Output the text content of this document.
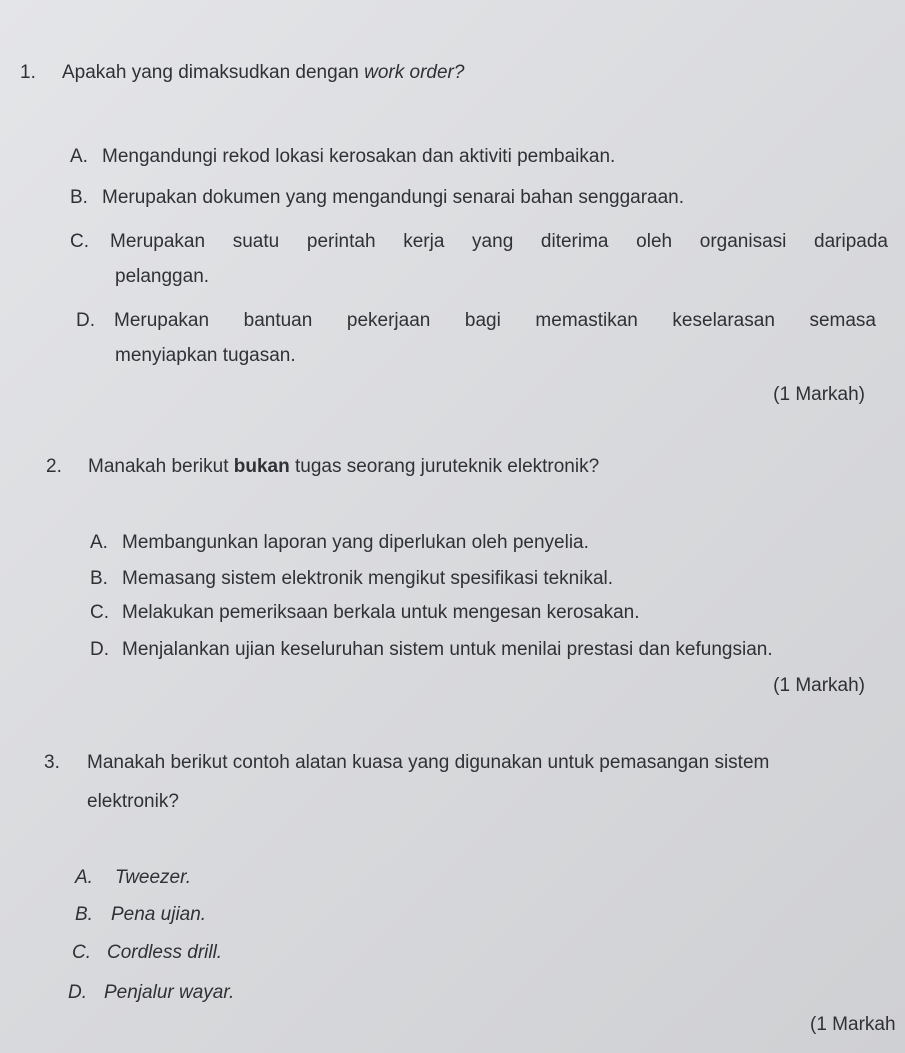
1. Apakah yang dimaksudkan dengan work order?
A. Mengandungi rekod lokasi kerosakan dan aktiviti pembaikan.
B. Merupakan dokumen yang mengandungi senarai bahan senggaraan.
C. Merupakan suatu perintah kerja yang diterima oleh organisasi daripada
pelanggan.
D. Merupakan bantuan pekerjaan bagi memastikan keselarasan semasa
menyiapkan tugasan.
(1 Markah)
2. Manakah berikut bukan tugas seorang juruteknik elektronik?
A. Membangunkan laporan yang diperlukan oleh penyelia.
B. Memasang sistem elektronik mengikut spesifikasi teknikal.
C. Melakukan pemeriksaan berkala untuk mengesan kerosakan.
D. Menjalankan ujian keseluruhan sistem untuk menilai prestasi dan kefungsian.
(1 Markah)
3. Manakah berikut contoh alatan kuasa yang digunakan untuk pemasangan sistem
elektronik?
A. Tweezer.
B. Pena ujian.
C. Cordless drill.
D. Penjalur wayar.
(1 Markah
